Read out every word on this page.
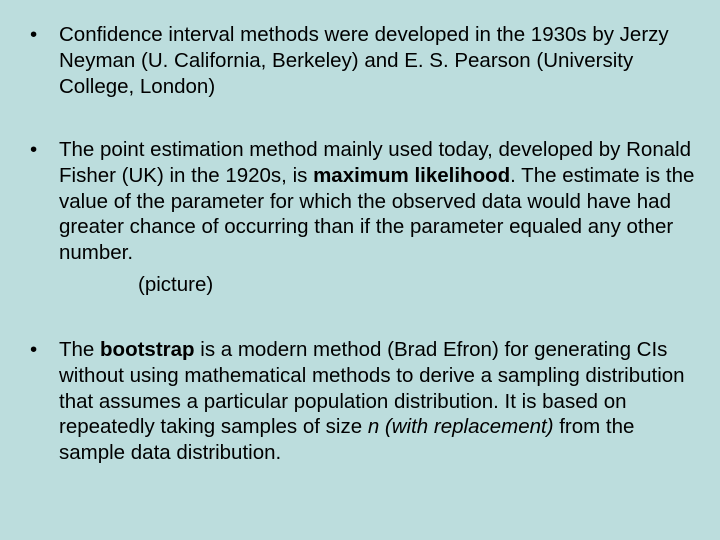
•	Confidence interval methods were developed in the 1930s by Jerzy Neyman (U. California, Berkeley) and E. S. Pearson (University College, London)
•	The point estimation method mainly used today, developed by Ronald Fisher (UK) in the 1920s, is maximum likelihood. The estimate is the value of the parameter for which the observed data would have had greater chance of occurring than if the parameter equaled any other number.
(picture)
•	The bootstrap is a modern method (Brad Efron) for generating CIs without using mathematical methods to derive a sampling distribution that assumes a particular population distribution. It is based on repeatedly taking samples of size n (with replacement) from the sample data distribution.
